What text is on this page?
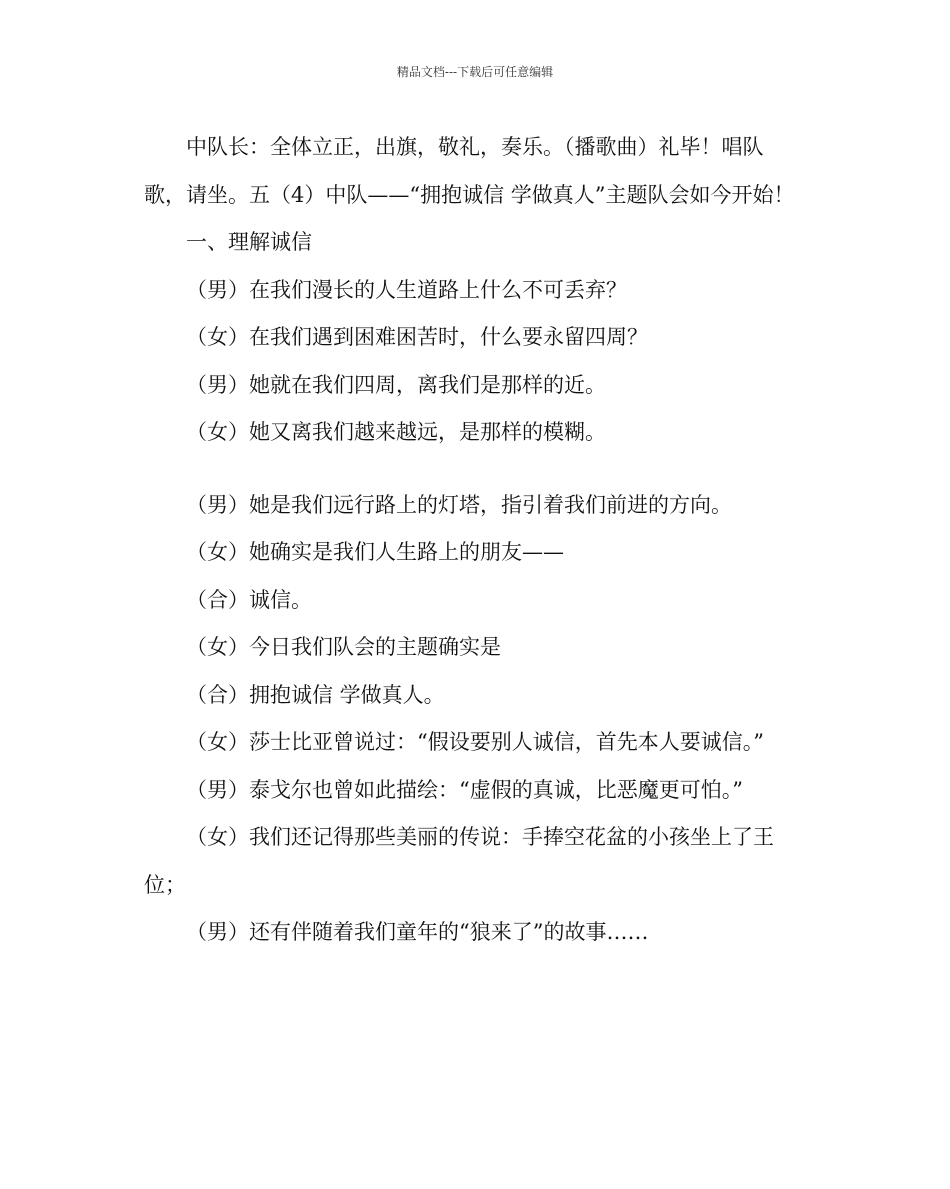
精品文档---下载后可任意编辑

中队长：全体立正，出旗，敬礼，奏乐。（播歌曲）礼毕！唱队歌，请坐。五（4）中队——“拥抱诚信 学做真人”主题队会如今开始！

一、理解诚信

（男）在我们漫长的人生道路上什么不可丢弃？

（女）在我们遇到困难困苦时，什么要永留四周？

（男）她就在我们四周，离我们是那样的近。

（女）她又离我们越来越远，是那样的模糊。

（男）她是我们远行路上的灯塔，指引着我们前进的方向。

（女）她确实是我们人生路上的朋友——

（合）诚信。

（女）今日我们队会的主题确实是

（合）拥抱诚信 学做真人。

（女）莎士比亚曾说过：“假设要别人诚信，首先本人要诚信。”

（男）泰戈尔也曾如此描绘：“虚假的真诚，比恶魔更可怕。”

（女）我们还记得那些美丽的传说：手捧空花盆的小孩坐上了王位；

（男）还有伴随着我们童年的“狼来了”的故事……
